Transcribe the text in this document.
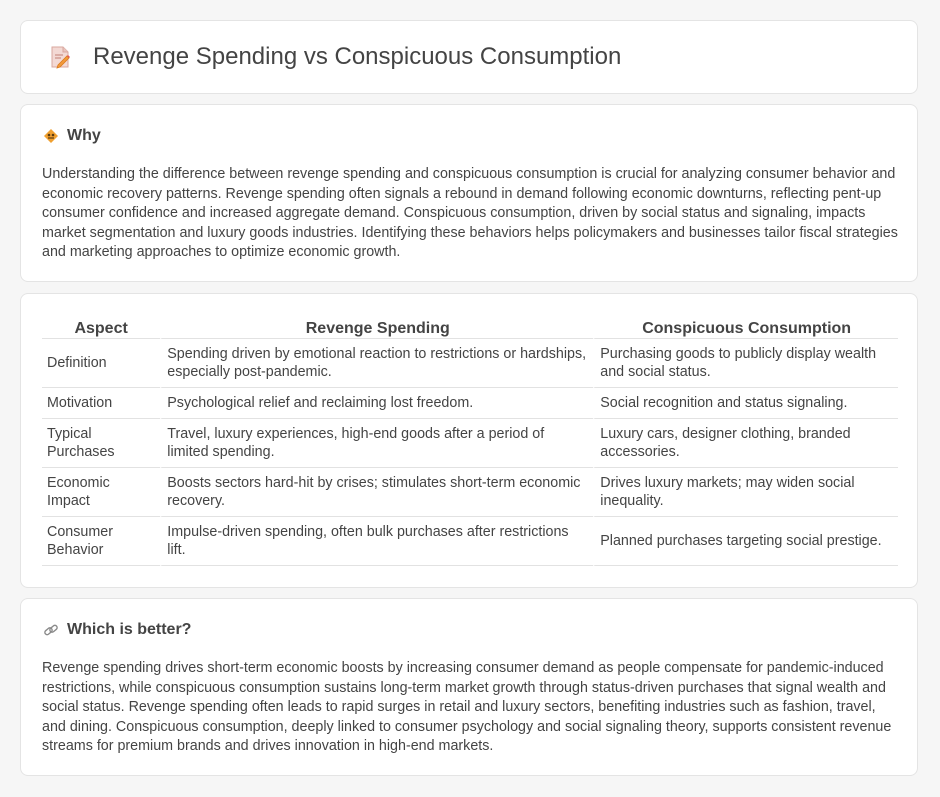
Revenge Spending vs Conspicuous Consumption
Why

Understanding the difference between revenge spending and conspicuous consumption is crucial for analyzing consumer behavior and economic recovery patterns. Revenge spending often signals a rebound in demand following economic downturns, reflecting pent-up consumer confidence and increased aggregate demand. Conspicuous consumption, driven by social status and signaling, impacts market segmentation and luxury goods industries. Identifying these behaviors helps policymakers and businesses tailor fiscal strategies and marketing approaches to optimize economic growth.

Aspect	Revenge Spending	Conspicuous Consumption
Definition	Spending driven by emotional reaction to restrictions or hardships, especially post-pandemic.	Purchasing goods to publicly display wealth and social status.
Motivation	Psychological relief and reclaiming lost freedom.	Social recognition and status signaling.
Typical Purchases	Travel, luxury experiences, high-end goods after a period of limited spending.	Luxury cars, designer clothing, branded accessories.
Economic Impact	Boosts sectors hard-hit by crises; stimulates short-term economic recovery.	Drives luxury markets; may widen social inequality.
Consumer Behavior	Impulse-driven spending, often bulk purchases after restrictions lift.	Planned purchases targeting social prestige.
Which is better?

Revenge spending drives short-term economic boosts by increasing consumer demand as people compensate for pandemic-induced restrictions, while conspicuous consumption sustains long-term market growth through status-driven purchases that signal wealth and social status. Revenge spending often leads to rapid surges in retail and luxury sectors, benefiting industries such as fashion, travel, and dining. Conspicuous consumption, deeply linked to consumer psychology and social signaling theory, supports consistent revenue streams for premium brands and drives innovation in high-end markets.
